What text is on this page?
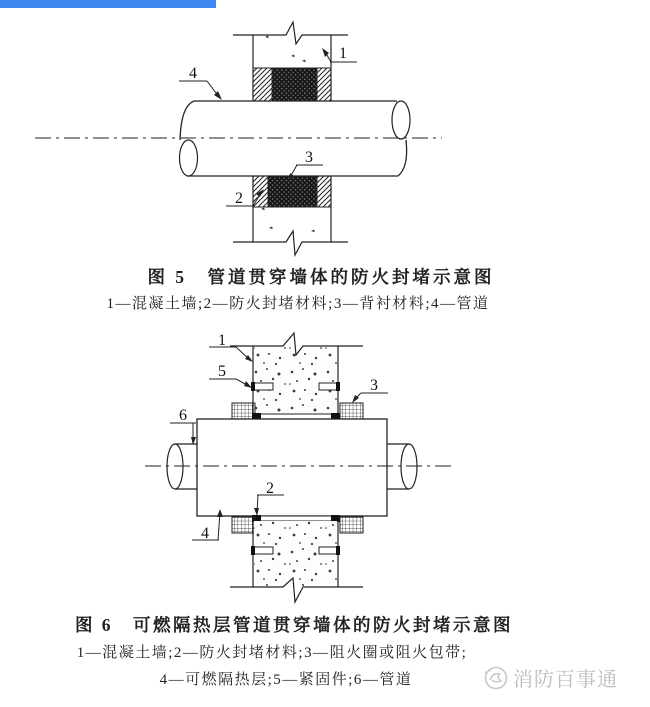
1
4
3
2
图 5　管道贯穿墙体的防火封堵示意图
1—混凝土墙;2—防火封堵材料;3—背衬材料;4—管道
1
5
3
6
2
4
图 6　可燃隔热层管道贯穿墙体的防火封堵示意图
1—混凝土墙;2—防火封堵材料;3—阻火圈或阻火包带;
4—可燃隔热层;5—紧固件;6—管道	消防百事通
